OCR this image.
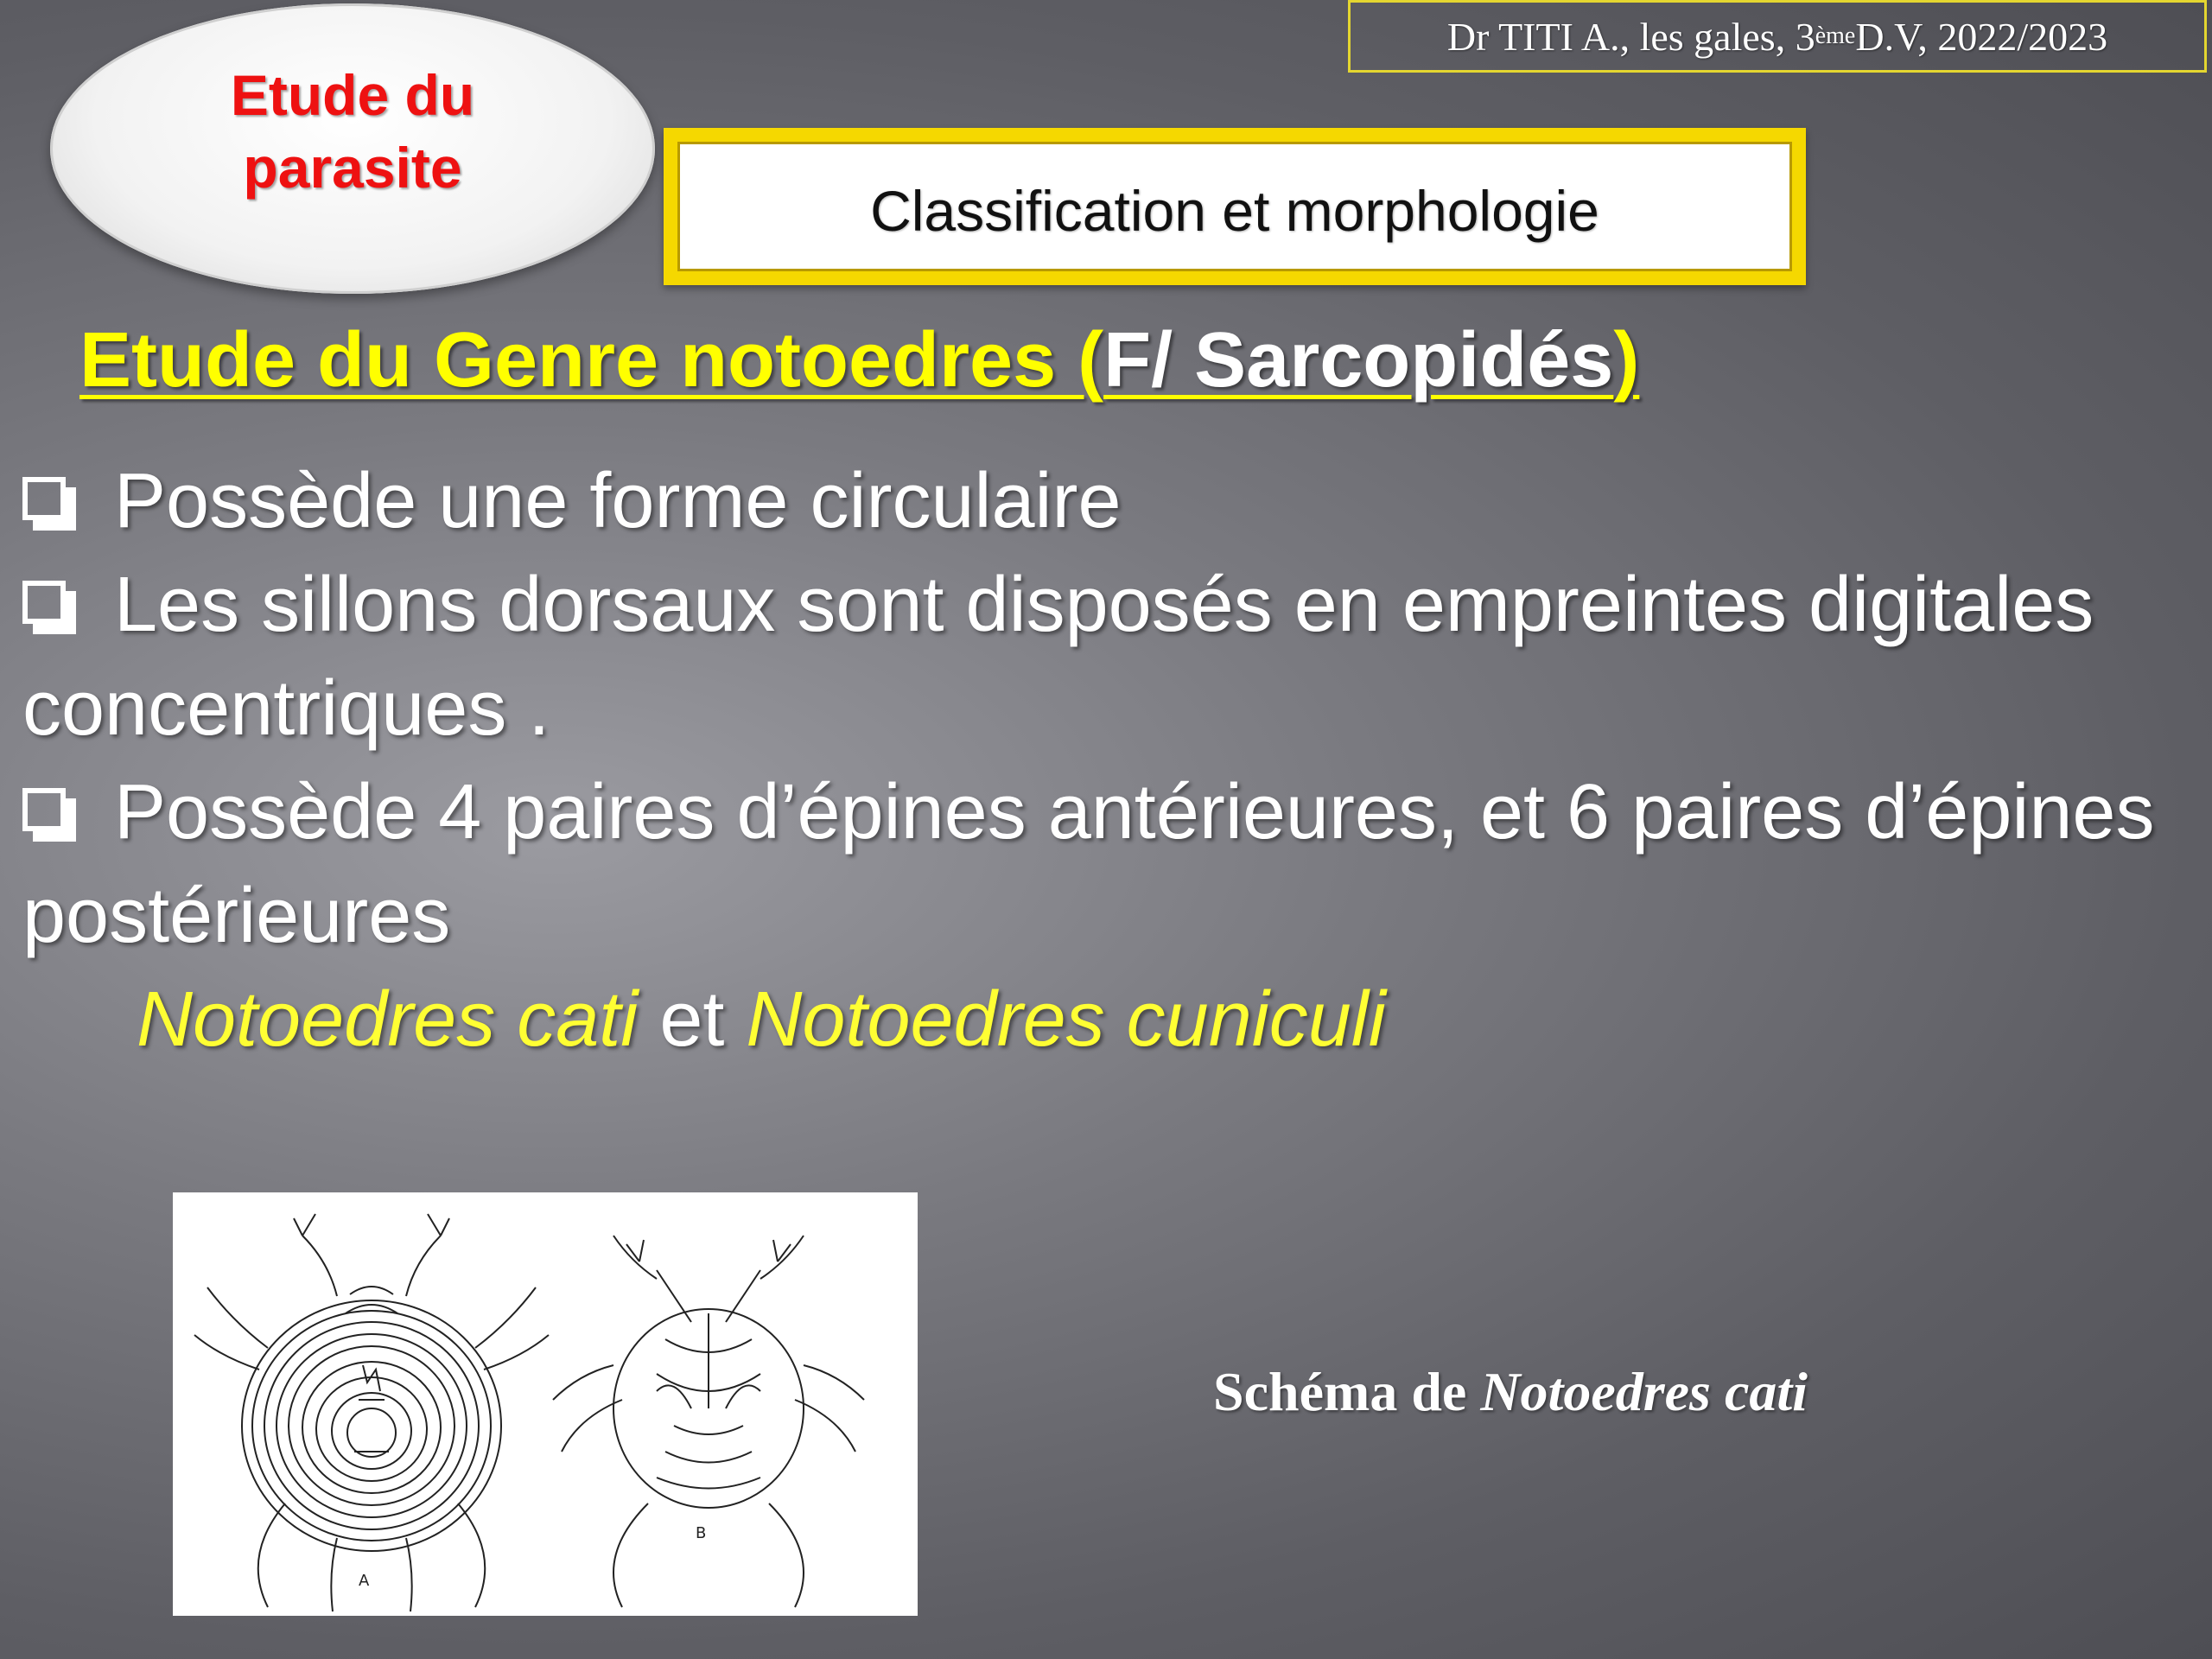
Dr TITI A., les gales, 3 ème D.V, 2022/2023
Etude du
parasite
Classification et morphologie
Etude du Genre notoedres (F/ Sarcopidés)

Possède une forme circulaire

Les sillons dorsaux sont disposés en empreintes digitales concentriques .

Possède 4 paires d’épines antérieures, et 6 paires d’épines postérieures

Notoedres cati et Notoedres cuniculi

A
B
Schéma de Notoedres cati
